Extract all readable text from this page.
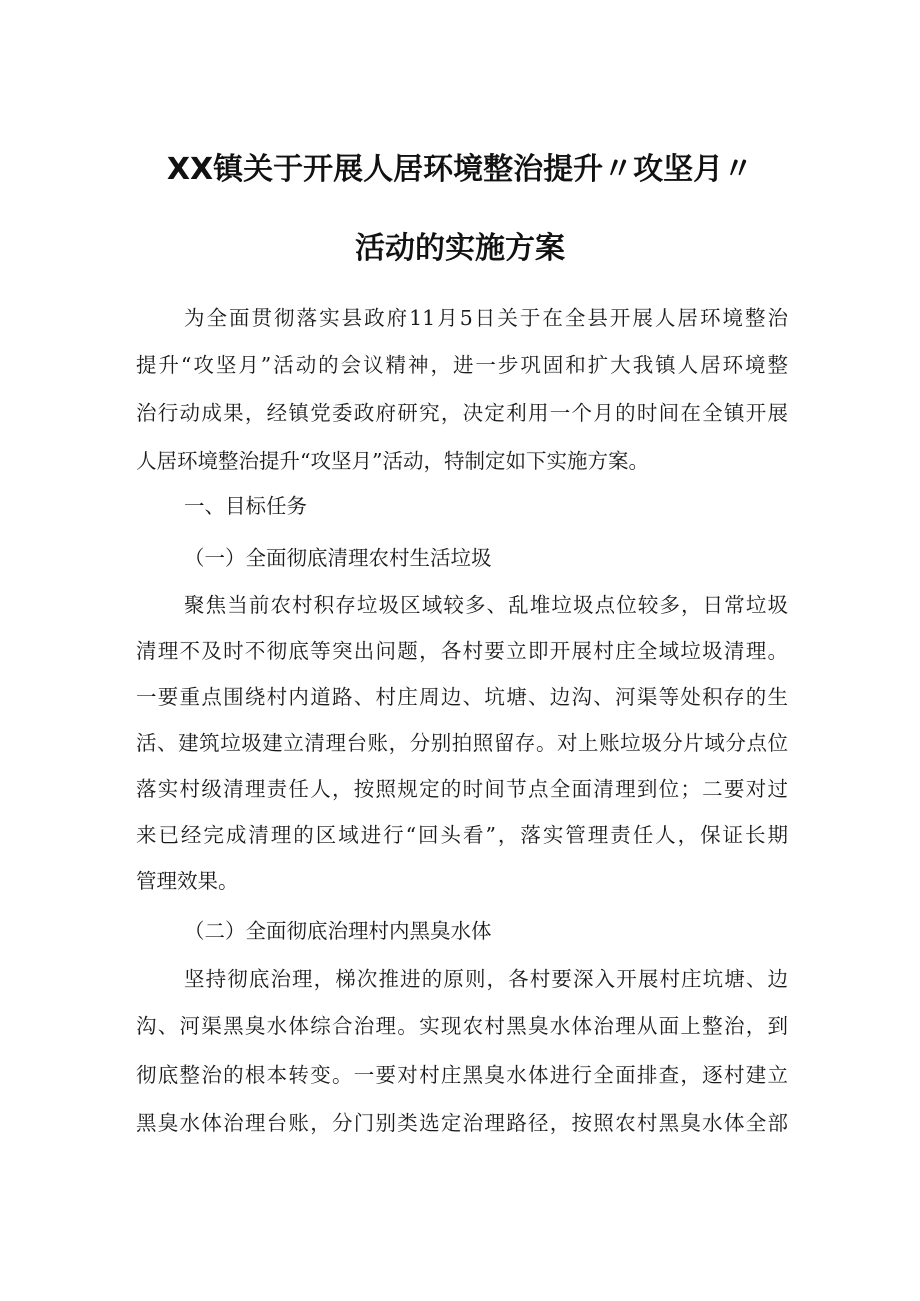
XX镇关于开展人居环境整治提升〃攻坚月〃
活动的实施方案
为全面贯彻落实县政府11月5日关于在全县开展人居环境整治
提升“攻坚月”活动的会议精神，进一步巩固和扩大我镇人居环境整
治行动成果，经镇党委政府研究，决定利用一个月的时间在全镇开展
人居环境整治提升“攻坚月”活动，特制定如下实施方案。
一、目标任务
（一）全面彻底清理农村生活垃圾
聚焦当前农村积存垃圾区域较多、乱堆垃圾点位较多，日常垃圾
清理不及时不彻底等突出问题，各村要立即开展村庄全域垃圾清理。
一要重点围绕村内道路、村庄周边、坑塘、边沟、河渠等处积存的生
活、建筑垃圾建立清理台账，分别拍照留存。对上账垃圾分片域分点位
落实村级清理责任人，按照规定的时间节点全面清理到位；二要对过
来已经完成清理的区域进行“回头看”，落实管理责任人，保证长期
管理效果。
（二）全面彻底治理村内黑臭水体
坚持彻底治理，梯次推进的原则，各村要深入开展村庄坑塘、边
沟、河渠黑臭水体综合治理。实现农村黑臭水体治理从面上整治，到
彻底整治的根本转变。一要对村庄黑臭水体进行全面排查，逐村建立
黑臭水体治理台账，分门别类选定治理路径，按照农村黑臭水体全部
